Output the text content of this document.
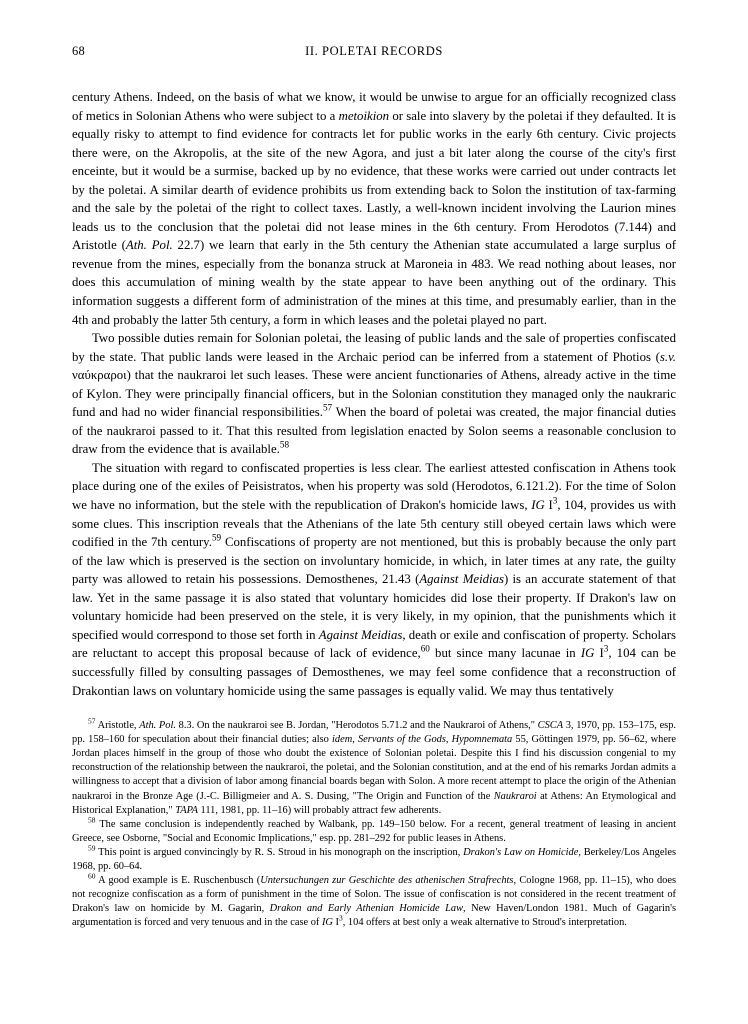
68	II. POLETAI RECORDS

century Athens. Indeed, on the basis of what we know, it would be unwise to argue for an officially recognized class of metics in Solonian Athens who were subject to a metoikion or sale into slavery by the poletai if they defaulted. It is equally risky to attempt to find evidence for contracts let for public works in the early 6th century. Civic projects there were, on the Akropolis, at the site of the new Agora, and just a bit later along the course of the city's first enceinte, but it would be a surmise, backed up by no evidence, that these works were carried out under contracts let by the poletai. A similar dearth of evidence prohibits us from extending back to Solon the institution of tax-farming and the sale by the poletai of the right to collect taxes. Lastly, a well-known incident involving the Laurion mines leads us to the conclusion that the poletai did not lease mines in the 6th century. From Herodotos (7.144) and Aristotle (Ath. Pol. 22.7) we learn that early in the 5th century the Athenian state accumulated a large surplus of revenue from the mines, especially from the bonanza struck at Maroneia in 483. We read nothing about leases, nor does this accumulation of mining wealth by the state appear to have been anything out of the ordinary. This information suggests a different form of administration of the mines at this time, and presumably earlier, than in the 4th and probably the latter 5th century, a form in which leases and the poletai played no part.

Two possible duties remain for Solonian poletai, the leasing of public lands and the sale of properties confiscated by the state. That public lands were leased in the Archaic period can be inferred from a statement of Photios (s.v. ναύκραροι) that the naukraroi let such leases. These were ancient functionaries of Athens, already active in the time of Kylon. They were principally financial officers, but in the Solonian constitution they managed only the naukraric fund and had no wider financial responsibilities.$^{57}$ When the board of poletai was created, the major financial duties of the naukraroi passed to it. That this resulted from legislation enacted by Solon seems a reasonable conclusion to draw from the evidence that is available.$^{58}$

The situation with regard to confiscated properties is less clear. The earliest attested confiscation in Athens took place during one of the exiles of Peisistratos, when his property was sold (Herodotos, 6.121.2). For the time of Solon we have no information, but the stele with the republication of Drakon's homicide laws, IG $I^3$, 104, provides us with some clues. This inscription reveals that the Athenians of the late 5th century still obeyed certain laws which were codified in the 7th century.$^{59}$ Confiscations of property are not mentioned, but this is probably because the only part of the law which is preserved is the section on involuntary homicide, in which, in later times at any rate, the guilty party was allowed to retain his possessions. Demosthenes, 21.43 (Against Meidias) is an accurate statement of that law. Yet in the same passage it is also stated that voluntary homicides did lose their property. If Drakon's law on voluntary homicide had been preserved on the stele, it is very likely, in my opinion, that the punishments which it specified would correspond to those set forth in Against Meidias, death or exile and confiscation of property. Scholars are reluctant to accept this proposal because of lack of evidence,$^{60}$ but since many lacunae in IG $I^3$, 104 can be successfully filled by consulting passages of Demosthenes, we may feel some confidence that a reconstruction of Drakontian laws on voluntary homicide using the same passages is equally valid. We may thus tentatively

$^{57}$ Aristotle, Ath. Pol. 8.3. On the naukraroi see B. Jordan, "Herodotos 5.71.2 and the Naukraroi of Athens," CSCA 3, 1970, pp. 153–175, esp. pp. 158–160 for speculation about their financial duties; also idem, Servants of the Gods, Hypomnemata 55, Göttingen 1979, pp. 56–62, where Jordan places himself in the group of those who doubt the existence of Solonian poletai. Despite this I find his discussion congenial to my reconstruction of the relationship between the naukraroi, the poletai, and the Solonian constitution, and at the end of his remarks Jordan admits a willingness to accept that a division of labor among financial boards began with Solon. A more recent attempt to place the origin of the Athenian naukraroi in the Bronze Age (J.-C. Billigmeier and A. S. Dusing, "The Origin and Function of the Naukraroi at Athens: An Etymological and Historical Explanation," TAPA 111, 1981, pp. 11–16) will probably attract few adherents.

$^{58}$ The same conclusion is independently reached by Walbank, pp. 149–150 below. For a recent, general treatment of leasing in ancient Greece, see Osborne, "Social and Economic Implications," esp. pp. 281–292 for public leases in Athens.

$^{59}$ This point is argued convincingly by R. S. Stroud in his monograph on the inscription, Drakon's Law on Homicide, Berkeley/Los Angeles 1968, pp. 60–64.

$^{60}$ A good example is E. Ruschenbusch (Untersuchungen zur Geschichte des athenischen Strafrechts, Cologne 1968, pp. 11–15), who does not recognize confiscation as a form of punishment in the time of Solon. The issue of confiscation is not considered in the recent treatment of Drakon's law on homicide by M. Gagarin, Drakon and Early Athenian Homicide Law, New Haven/London 1981. Much of Gagarin's argumentation is forced and very tenuous and in the case of IG $I^3$, 104 offers at best only a weak alternative to Stroud's interpretation.
